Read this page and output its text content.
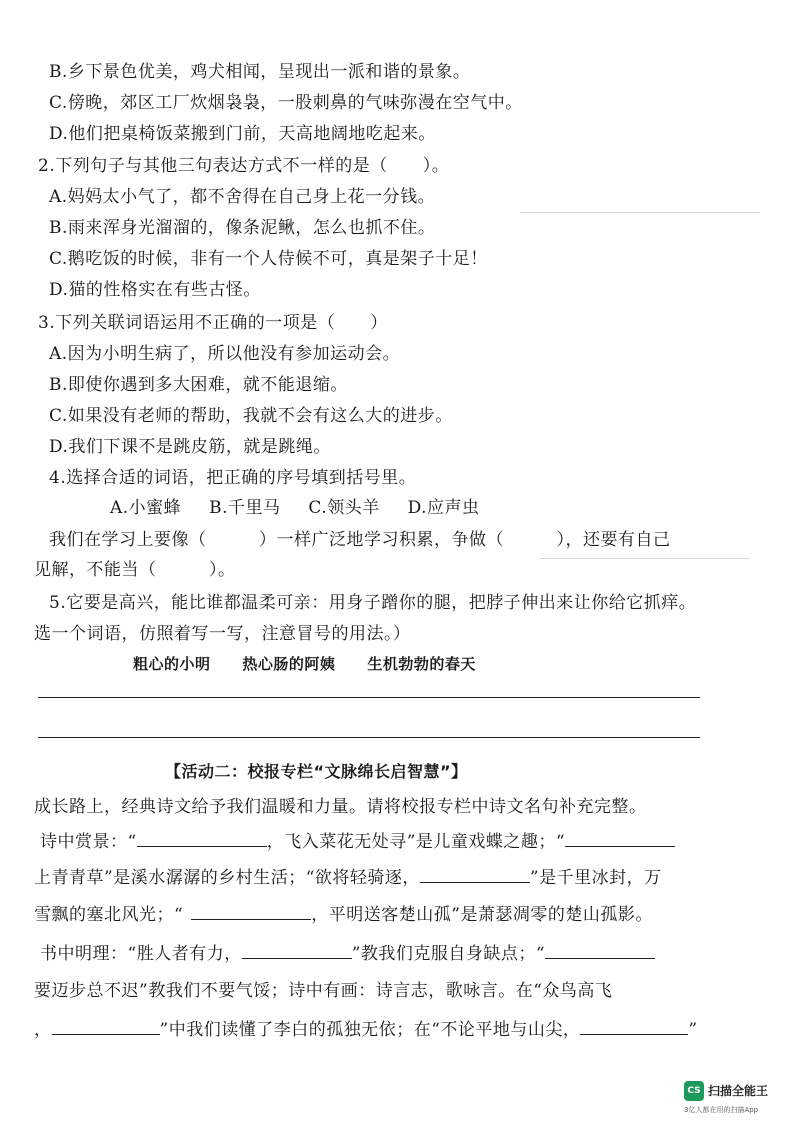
B.乡下景色优美，鸡犬相闻，呈现出一派和谐的景象。
C.傍晚，郊区工厂炊烟袅袅，一股刺鼻的气味弥漫在空气中。
D.他们把桌椅饭菜搬到门前，天高地阔地吃起来。
2.下列句子与其他三句表达方式不一样的是（　　）。
A.妈妈太小气了，都不舍得在自己身上花一分钱。
B.雨来浑身光溜溜的，像条泥鳅，怎么也抓不住。
C.鹅吃饭的时候，非有一个人侍候不可，真是架子十足！
D.猫的性格实在有些古怪。
3.下列关联词语运用不正确的一项是（　　）
A.因为小明生病了，所以他没有参加运动会。
B.即使你遇到多大困难，就不能退缩。
C.如果没有老师的帮助，我就不会有这么大的进步。
D.我们下课不是跳皮筋，就是跳绳。
4.选择合适的词语，把正确的序号填到括号里。
A.小蜜蜂 B.千里马 C.领头羊 D.应声虫
我们在学习上要像（　　　）一样广泛地学习积累，争做（　　　），还要有自己
见解，不能当（　　　）。
5.它要是高兴，能比谁都温柔可亲：用身子蹭你的腿，把脖子伸出来让你给它抓痒。
选一个词语，仿照着写一写，注意冒号的用法。）
粗心的小明 热心肠的阿姨 生机勃勃的春天
【活动二：校报专栏“文脉绵长启智慧”】
成长路上，经典诗文给予我们温暖和力量。请将校报专栏中诗文名句补充完整。
诗中赏景：“	，飞入菜花无处寻”是儿童戏蝶之趣；“
上青青草”是溪水潺潺的乡村生活；“欲将轻骑逐，	”是千里冰封，万
雪飘的塞北风光；“	，平明送客楚山孤”是萧瑟凋零的楚山孤影。
书中明理：“胜人者有力，	”教我们克服自身缺点；“
要迈步总不迟”教我们不要气馁；诗中有画：诗言志，歌咏言。在“众鸟高飞
，	”中我们读懂了李白的孤独无依；在“不论平地与山尖，	”
CS 扫描全能王
3亿人都在用的扫描App
